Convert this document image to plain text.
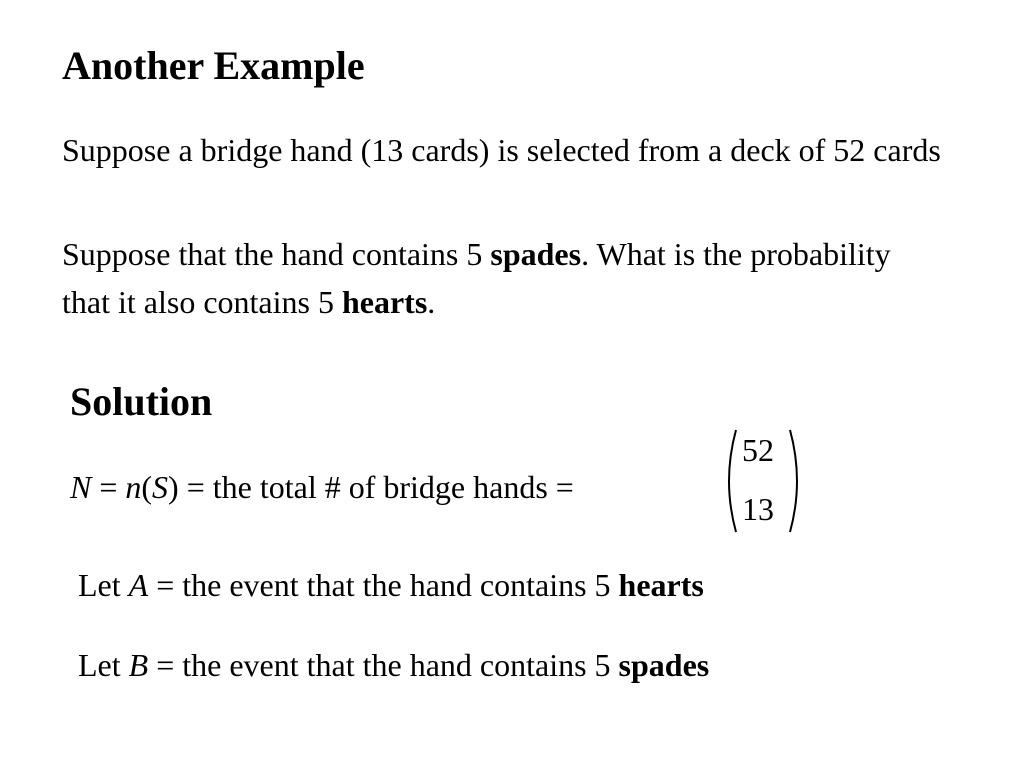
Another Example
Suppose a bridge hand (13 cards) is selected from a deck of 52 cards
Suppose that the hand contains 5 spades. What is the probability that it also contains 5 hearts.
Solution
N = n(S) = the total # of bridge hands =
52
13
Let A = the event that the hand contains 5 hearts
Let B = the event that the hand contains 5 spades
